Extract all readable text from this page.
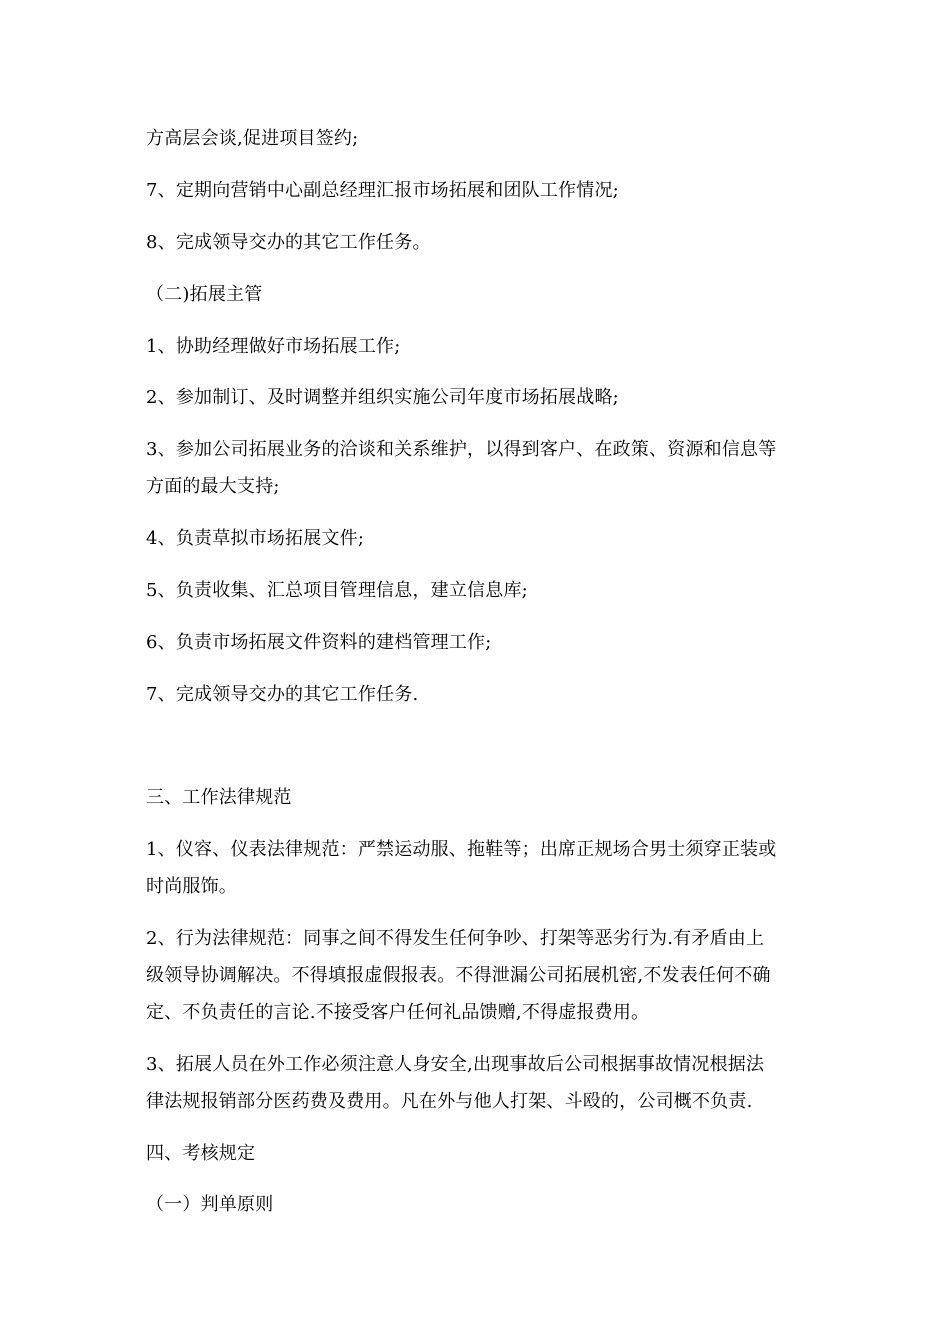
方高层会谈,促进项目签约;
7、定期向营销中心副总经理汇报市场拓展和团队工作情况;
8、完成领导交办的其它工作任务。
（二)拓展主管
1、协助经理做好市场拓展工作;
2、参加制订、及时调整并组织实施公司年度市场拓展战略;
3、参加公司拓展业务的洽谈和关系维护，以得到客户、在政策、资源和信息等
方面的最大支持;
4、负责草拟市场拓展文件;
5、负责收集、汇总项目管理信息，建立信息库;
6、负责市场拓展文件资料的建档管理工作;
7、完成领导交办的其它工作任务.
三、工作法律规范
1、仪容、仪表法律规范：严禁运动服、拖鞋等；出席正规场合男士须穿正装或
时尚服饰。
2、行为法律规范：同事之间不得发生任何争吵、打架等恶劣行为.有矛盾由上
级领导协调解决。不得填报虚假报表。不得泄漏公司拓展机密,不发表任何不确
定、不负责任的言论.不接受客户任何礼品馈赠,不得虚报费用。
3、拓展人员在外工作必须注意人身安全,出现事故后公司根据事故情况根据法
律法规报销部分医药费及费用。凡在外与他人打架、斗殴的，公司概不负责.
四、考核规定
（一）判单原则
